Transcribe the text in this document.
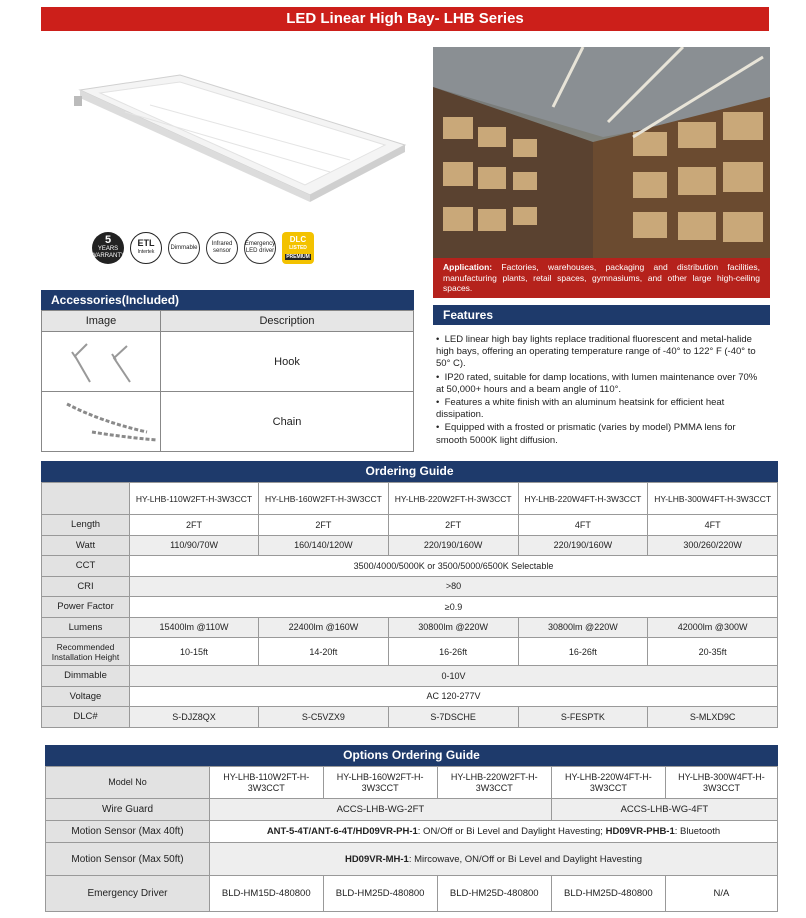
LED Linear High Bay- LHB Series
5
YEARS
WARRANTY
ETL
Intertek
Dimmable
Infrared sensor
Emergency
LED driver
DLC
LISTED
PREMIUM
Application: Factories, warehouses, packaging and distribution facilities, manufacturing plants, retail spaces, gymnasiums, and other large high-ceiling spaces.
Accessories(Included)
Image	Description
	Hook
	Chain
Features
•  LED linear high bay lights replace traditional fluorescent and metal-halide high bays, offering an operating temperature range of -40° to 122° F (-40° to 50° C).
•  IP20 rated, suitable for damp locations, with lumen maintenance over 70% at 50,000+ hours and a beam angle of 110°.
•  Features a white finish with an aluminum heatsink for efficient heat dissipation.
•  Equipped with a frosted or prismatic (varies by model) PMMA lens for smooth 5000K light diffusion.
Ordering Guide
	HY-LHB-110W2FT-H-3W3CCT	HY-LHB-160W2FT-H-3W3CCT	HY-LHB-220W2FT-H-3W3CCT	HY-LHB-220W4FT-H-3W3CCT	HY-LHB-300W4FT-H-3W3CCT
Length	2FT	2FT	2FT	4FT	4FT
Watt	110/90/70W	160/140/120W	220/190/160W	220/190/160W	300/260/220W
CCT	3500/4000/5000K or 3500/5000/6500K Selectable				
CRI	>80				
Power Factor	≥0.9				
Lumens	15400lm @110W	22400lm @160W	30800lm @220W	30800lm @220W	42000lm @300W
Recommended Installation Height	10-15ft	14-20ft	16-26ft	16-26ft	20-35ft
Dimmable	0-10V				
Voltage	AC 120-277V				
DLC#	S-DJZ8QX	S-C5VZX9	S-7DSCHE	S-FESPTK	S-MLXD9C
Options Ordering Guide
Model No	HY-LHB-110W2FT-H-3W3CCT	HY-LHB-160W2FT-H-3W3CCT	HY-LHB-220W2FT-H-3W3CCT	HY-LHB-220W4FT-H-3W3CCT	HY-LHB-300W4FT-H-3W3CCT
Wire Guard	ACCS-LHB-WG-2FT			ACCS-LHB-WG-4FT	
Motion Sensor (Max 40ft)	ANT-5-4T/ANT-6-4T/HD09VR-PH-1: ON/Off or Bi Level and Daylight Havesting; HD09VR-PHB-1: Bluetooth				
Motion Sensor (Max 50ft)	HD09VR-MH-1: Mircowave, ON/Off or Bi Level and Daylight Havesting				
Emergency Driver	BLD-HM15D-480800	BLD-HM25D-480800	BLD-HM25D-480800	BLD-HM25D-480800	N/A
